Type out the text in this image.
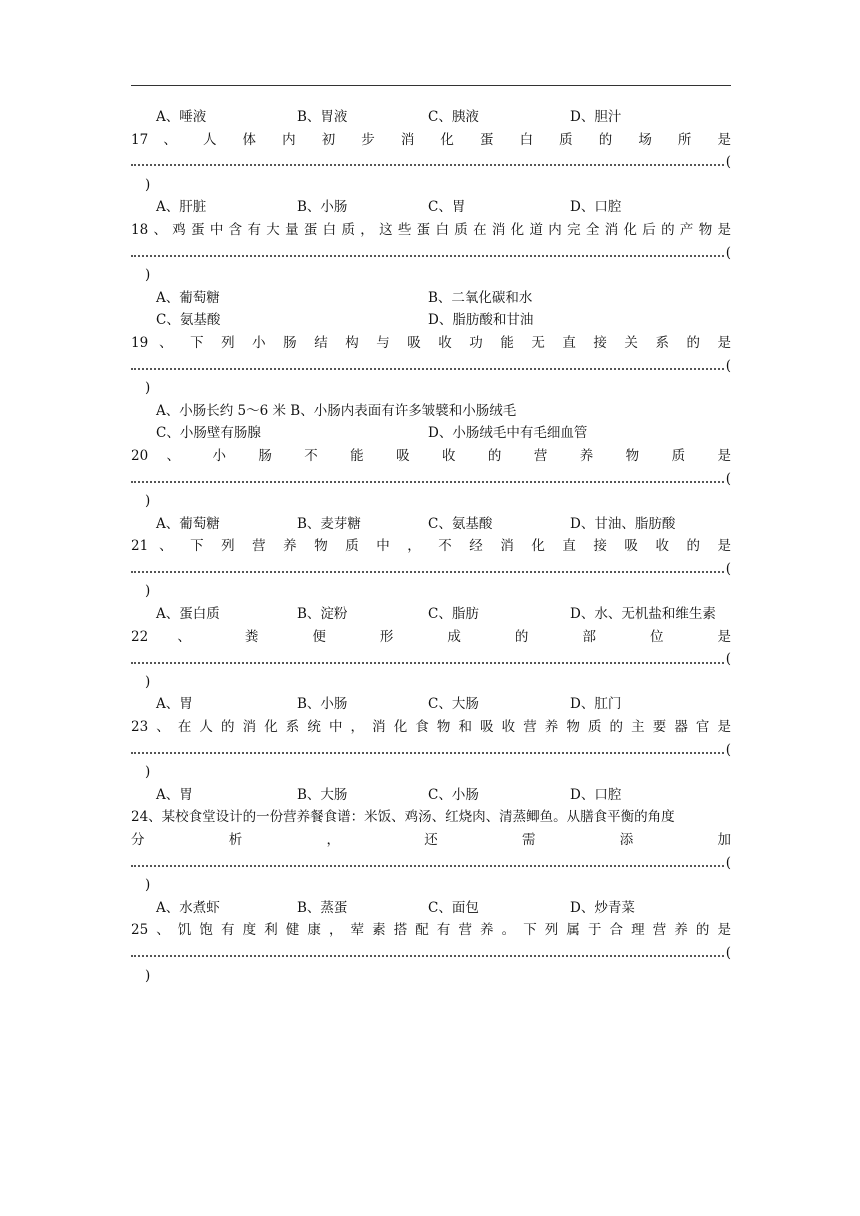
A、唾液	B、胃液	C、胰液	D、胆汁
17 、 人 体 内 初 步 消 化 蛋 白 质 的 场 所 是
(
)
A、肝脏	B、小肠	C、胃	D、口腔
18、鸡蛋中含有大量蛋白质，这些蛋白质在消化道内完全消化后的产物是
(
)
A、葡萄糖	B、二氧化碳和水
C、氨基酸	D、脂肪酸和甘油
19 、 下 列 小 肠 结 构 与 吸 收 功 能 无 直 接 关 系 的 是
(
)
A、小肠长约 5～6 米 B、小肠内表面有许多皱襞和小肠绒毛
C、小肠壁有肠腺	D、小肠绒毛中有毛细血管
20 、 小 肠 不 能 吸 收 的 营 养 物 质 是
(
)
A、葡萄糖	B、麦芽糖	C、氨基酸	D、甘油、脂肪酸
21 、 下 列 营 养 物 质 中 ， 不 经 消 化 直 接 吸 收 的 是
(
)
A、蛋白质	B、淀粉	C、脂肪	D、水、无机盐和维生素
22 、 粪 便 形 成 的 部 位 是
(
)
A、胃	B、小肠	C、大肠	D、肛门
23、在人的消化系统中，消化食物和吸收营养物质的主要器官是
(
)
A、胃	B、大肠	C、小肠	D、口腔
24、某校食堂设计的一份营养餐食谱：米饭、鸡汤、红烧肉、清蒸鲫鱼。从膳食平衡的角度
分 析 ， 还 需 添 加
(
)
A、水煮虾	B、蒸蛋	C、面包	D、炒青菜
25、饥饱有度利健康，荤素搭配有营养。下列属于合理营养的是
(
)
